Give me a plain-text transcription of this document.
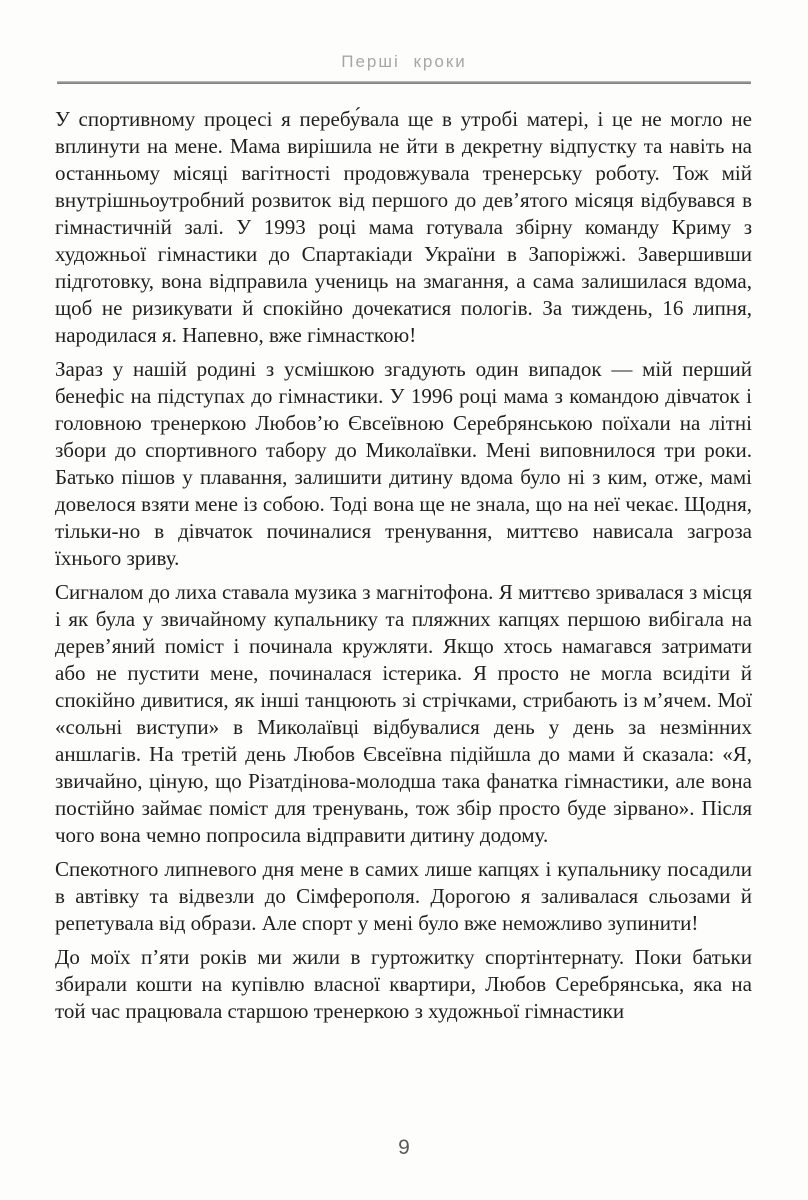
Перші кроки

У спортивному процесі я перебу́вала ще в утробі матері, і це не могло не вплинути на мене. Мама вирішила не йти в декретну відпустку та навіть на останньому місяці вагітності продовжувала тренерську роботу. Тож мій внутрішньоутробний розвиток від першого до дев’ятого місяця відбувався в гімнастичній залі. У 1993 році мама готувала збірну команду Криму з художньої гімнастики до Спартакіади України в Запоріжжі. Завершивши підготовку, вона відправила учениць на змагання, а сама залишилася вдома, щоб не ризикувати й спокійно дочекатися пологів. За тиждень, 16 липня, народилася я. Напевно, вже гімнасткою!

Зараз у нашій родині з усмішкою згадують один випадок — мій перший бенефіс на підступах до гімнастики. У 1996 році мама з командою дівчаток і головною тренеркою Любов’ю Євсеївною Серебрянською поїхали на літні збори до спортивного табору до Миколаївки. Мені виповнилося три роки. Батько пішов у плавання, залишити дитину вдома було ні з ким, отже, мамі довелося взяти мене із собою. Тоді вона ще не знала, що на неї чекає. Щодня, тільки-но в дівчаток починалися тренування, миттєво нависала загроза їхнього зриву.

Сигналом до лиха ставала музика з магнітофона. Я миттєво зривалася з місця і як була у звичайному купальнику та пляжних капцях першою вибігала на дерев’яний поміст і починала кружляти. Якщо хтось намагався затримати або не пустити мене, починалася істерика. Я просто не могла всидіти й спокійно дивитися, як інші танцюють зі стрічками, стрибають із м’ячем. Мої «сольні виступи» в Миколаївці відбувалися день у день за незмінних аншлагів. На третій день Любов Євсеївна підійшла до мами й сказала: «Я, звичайно, ціную, що Різатдінова-молодша така фанатка гімнастики, але вона постійно займає поміст для тренувань, тож збір просто буде зірвано». Після чого вона чемно попросила відправити дитину додому.

Спекотного липневого дня мене в самих лише капцях і купальнику посадили в автівку та відвезли до Сімферополя. Дорогою я заливалася сльозами й репетувала від образи. Але спорт у мені було вже неможливо зупинити!

До моїх п’яти років ми жили в гуртожитку спортінтернату. Поки батьки збирали кошти на купівлю власної квартири, Любов Серебрянська, яка на той час працювала старшою тренеркою з художньої гімнастики

9
